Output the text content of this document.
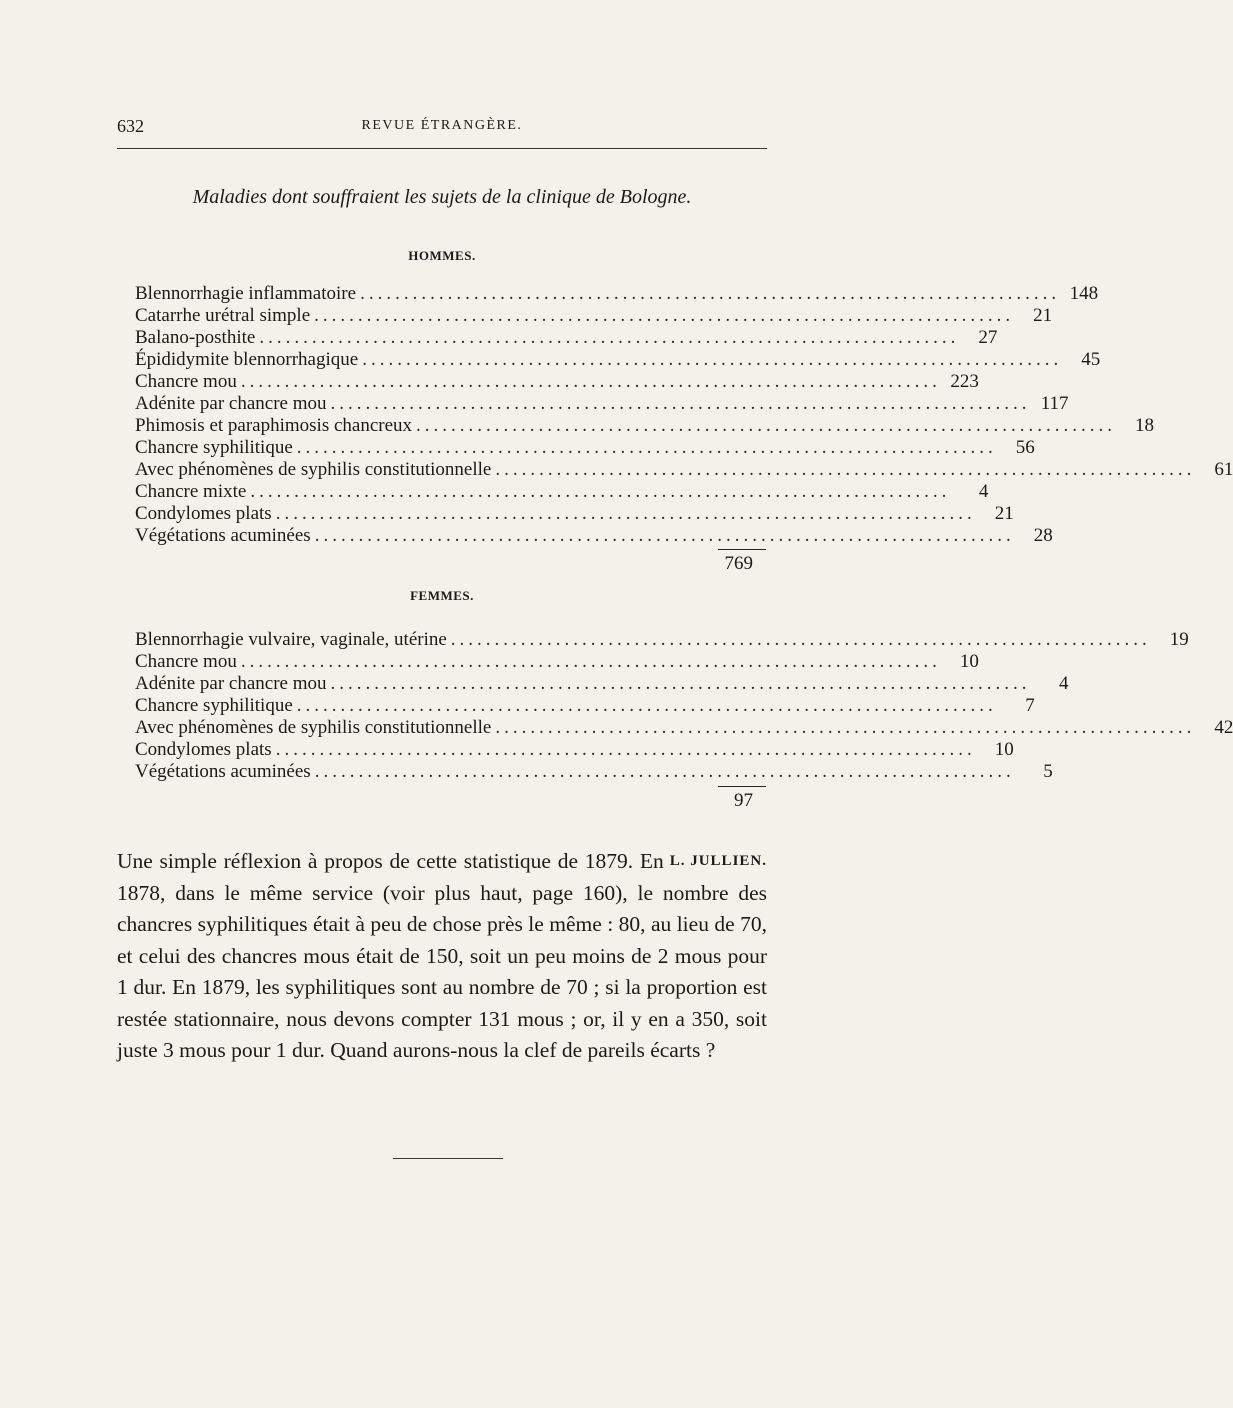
632	REVUE ÉTRANGÈRE.
Maladies dont souffraient les sujets de la clinique de Bologne.
HOMMES.
Blennorrhagie inflammatoire ................................................................................ 148
Catarrhe urétral simple ................................................................................	21
Balano-posthite ................................................................................	27
Épididymite blennorrhagique ................................................................................	45
Chancre mou ................................................................................ 223
Adénite par chancre mou ................................................................................ 117
Phimosis et paraphimosis chancreux ................................................................................	18
Chancre syphilitique ................................................................................	56
Avec phénomènes de syphilis constitutionnelle ................................................................................	61
Chancre mixte ................................................................................	4
Condylomes plats ................................................................................	21
Végétations acuminées ................................................................................	28
769
FEMMES.
Blennorrhagie vulvaire, vaginale, utérine ................................................................................	19
Chancre mou ................................................................................	10
Adénite par chancre mou ................................................................................	4
Chancre syphilitique ................................................................................	7
Avec phénomènes de syphilis constitutionnelle ................................................................................	42
Condylomes plats ................................................................................	10
Végétations acuminées ................................................................................	5
97
L. JULLIEN.
Une simple réflexion à propos de cette statistique de 1879. En 1878, dans le même service (voir plus haut, page 160), le nombre des chancres syphilitiques était à peu de chose près le même : 80, au lieu de 70, et celui des chancres mous était de 150, soit un peu moins de 2 mous pour 1 dur. En 1879, les syphilitiques sont au nombre de 70 ; si la proportion est restée stationnaire, nous devons compter 131 mous ; or, il y en a 350, soit juste 3 mous pour 1 dur. Quand aurons-nous la clef de pareils écarts ?
